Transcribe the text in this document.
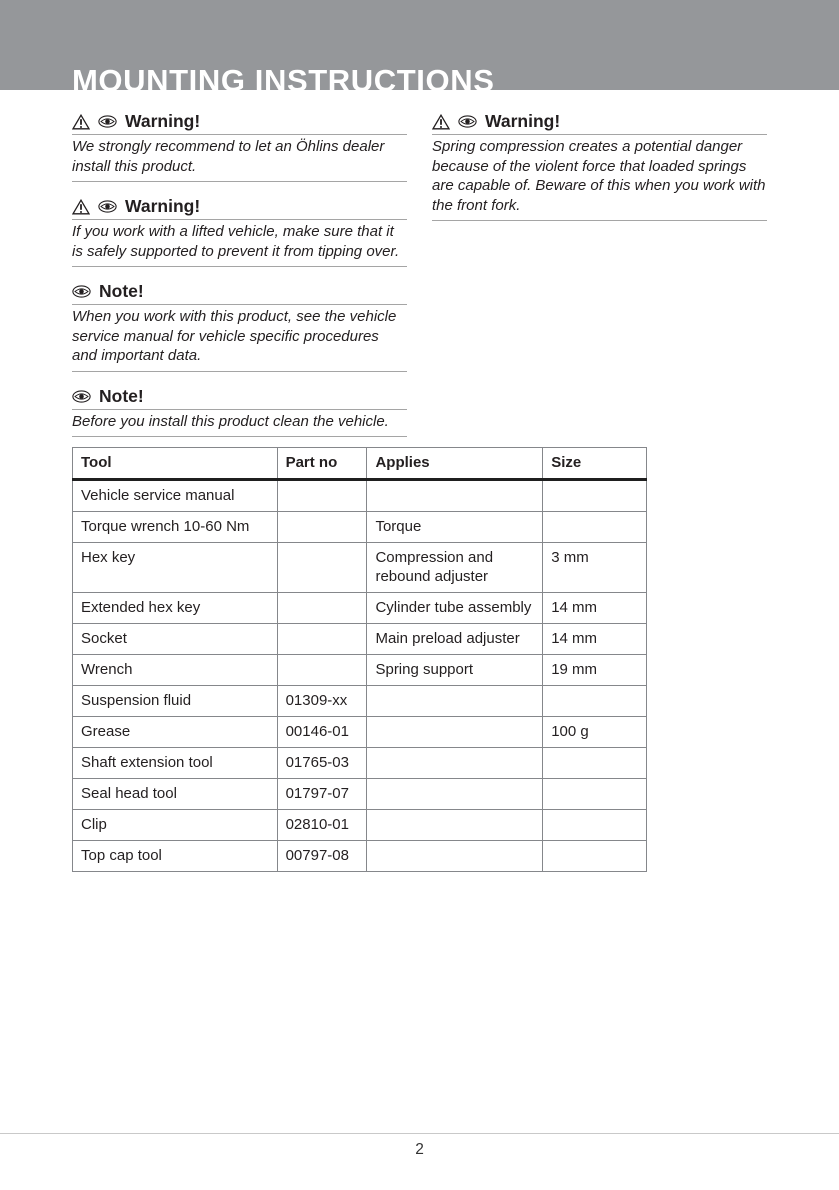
MOUNTING INSTRUCTIONS
Warning!

We strongly recommend to let an Öhlins dealer install this product.

Warning!

If you work with a lifted vehicle, make sure that it is safely supported to prevent it from tipping over.

Note!

When you work with this product, see the vehicle service manual for vehicle specific procedures and important data.

Note!

Before you install this product clean the vehicle.

Warning!

Spring compression creates a potential danger because of the violent force that loaded springs are capable of. Beware of this when you work with the front fork.

Tool	Part no	Applies	Size
Vehicle service manual			
Torque wrench 10-60 Nm		Torque	
Hex key		Compression and rebound adjuster	3 mm
Extended hex key		Cylinder tube assembly	14 mm
Socket		Main preload adjuster	14 mm
Wrench		Spring support	19 mm
Suspension fluid	01309-xx		
Grease	00146-01		100 g
Shaft extension tool	01765-03		
Seal head tool	01797-07		
Clip	02810-01		
Top cap tool	00797-08		
2
